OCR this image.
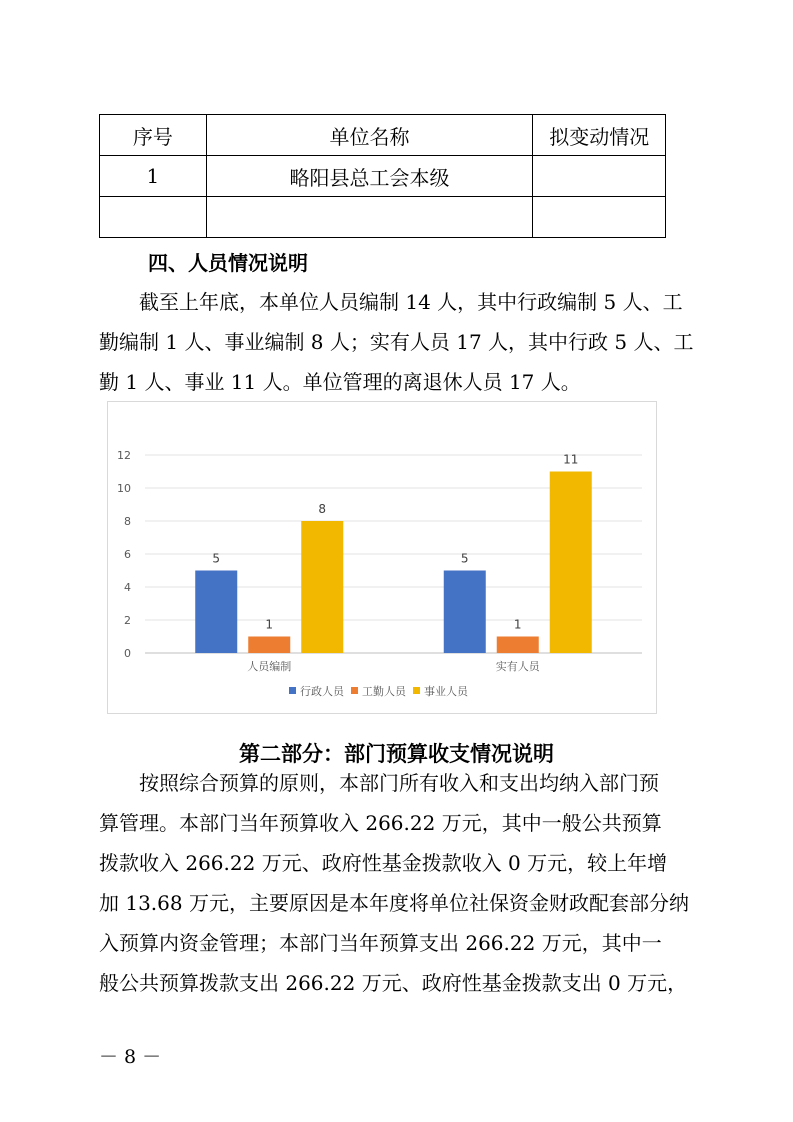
序号	单位名称	拟变动情况
1	略阳县总工会本级	

四、人员情况说明
　　截至上年底，本单位人员编制 14 人，其中行政编制 5 人、工
勤编制 1 人、事业编制 8 人；实有人员 17 人，其中行政 5 人、工
勤 1 人、事业 11 人。单位管理的离退休人员 17 人。
0
2
4
6
8
10
12
5
1
8
人员编制
5
1
11
实有人员
行政人员 工勤人员 事业人员
第二部分：部门预算收支情况说明
　　按照综合预算的原则，本部门所有收入和支出均纳入部门预
算管理。本部门当年预算收入 266.22 万元，其中一般公共预算
拨款收入 266.22 万元、政府性基金拨款收入 0 万元，较上年增
加 13.68 万元，主要原因是本年度将单位社保资金财政配套部分纳
入预算内资金管理；本部门当年预算支出 266.22 万元，其中一
般公共预算拨款支出 266.22 万元、政府性基金拨款支出 0 万元，
－ 8 －
